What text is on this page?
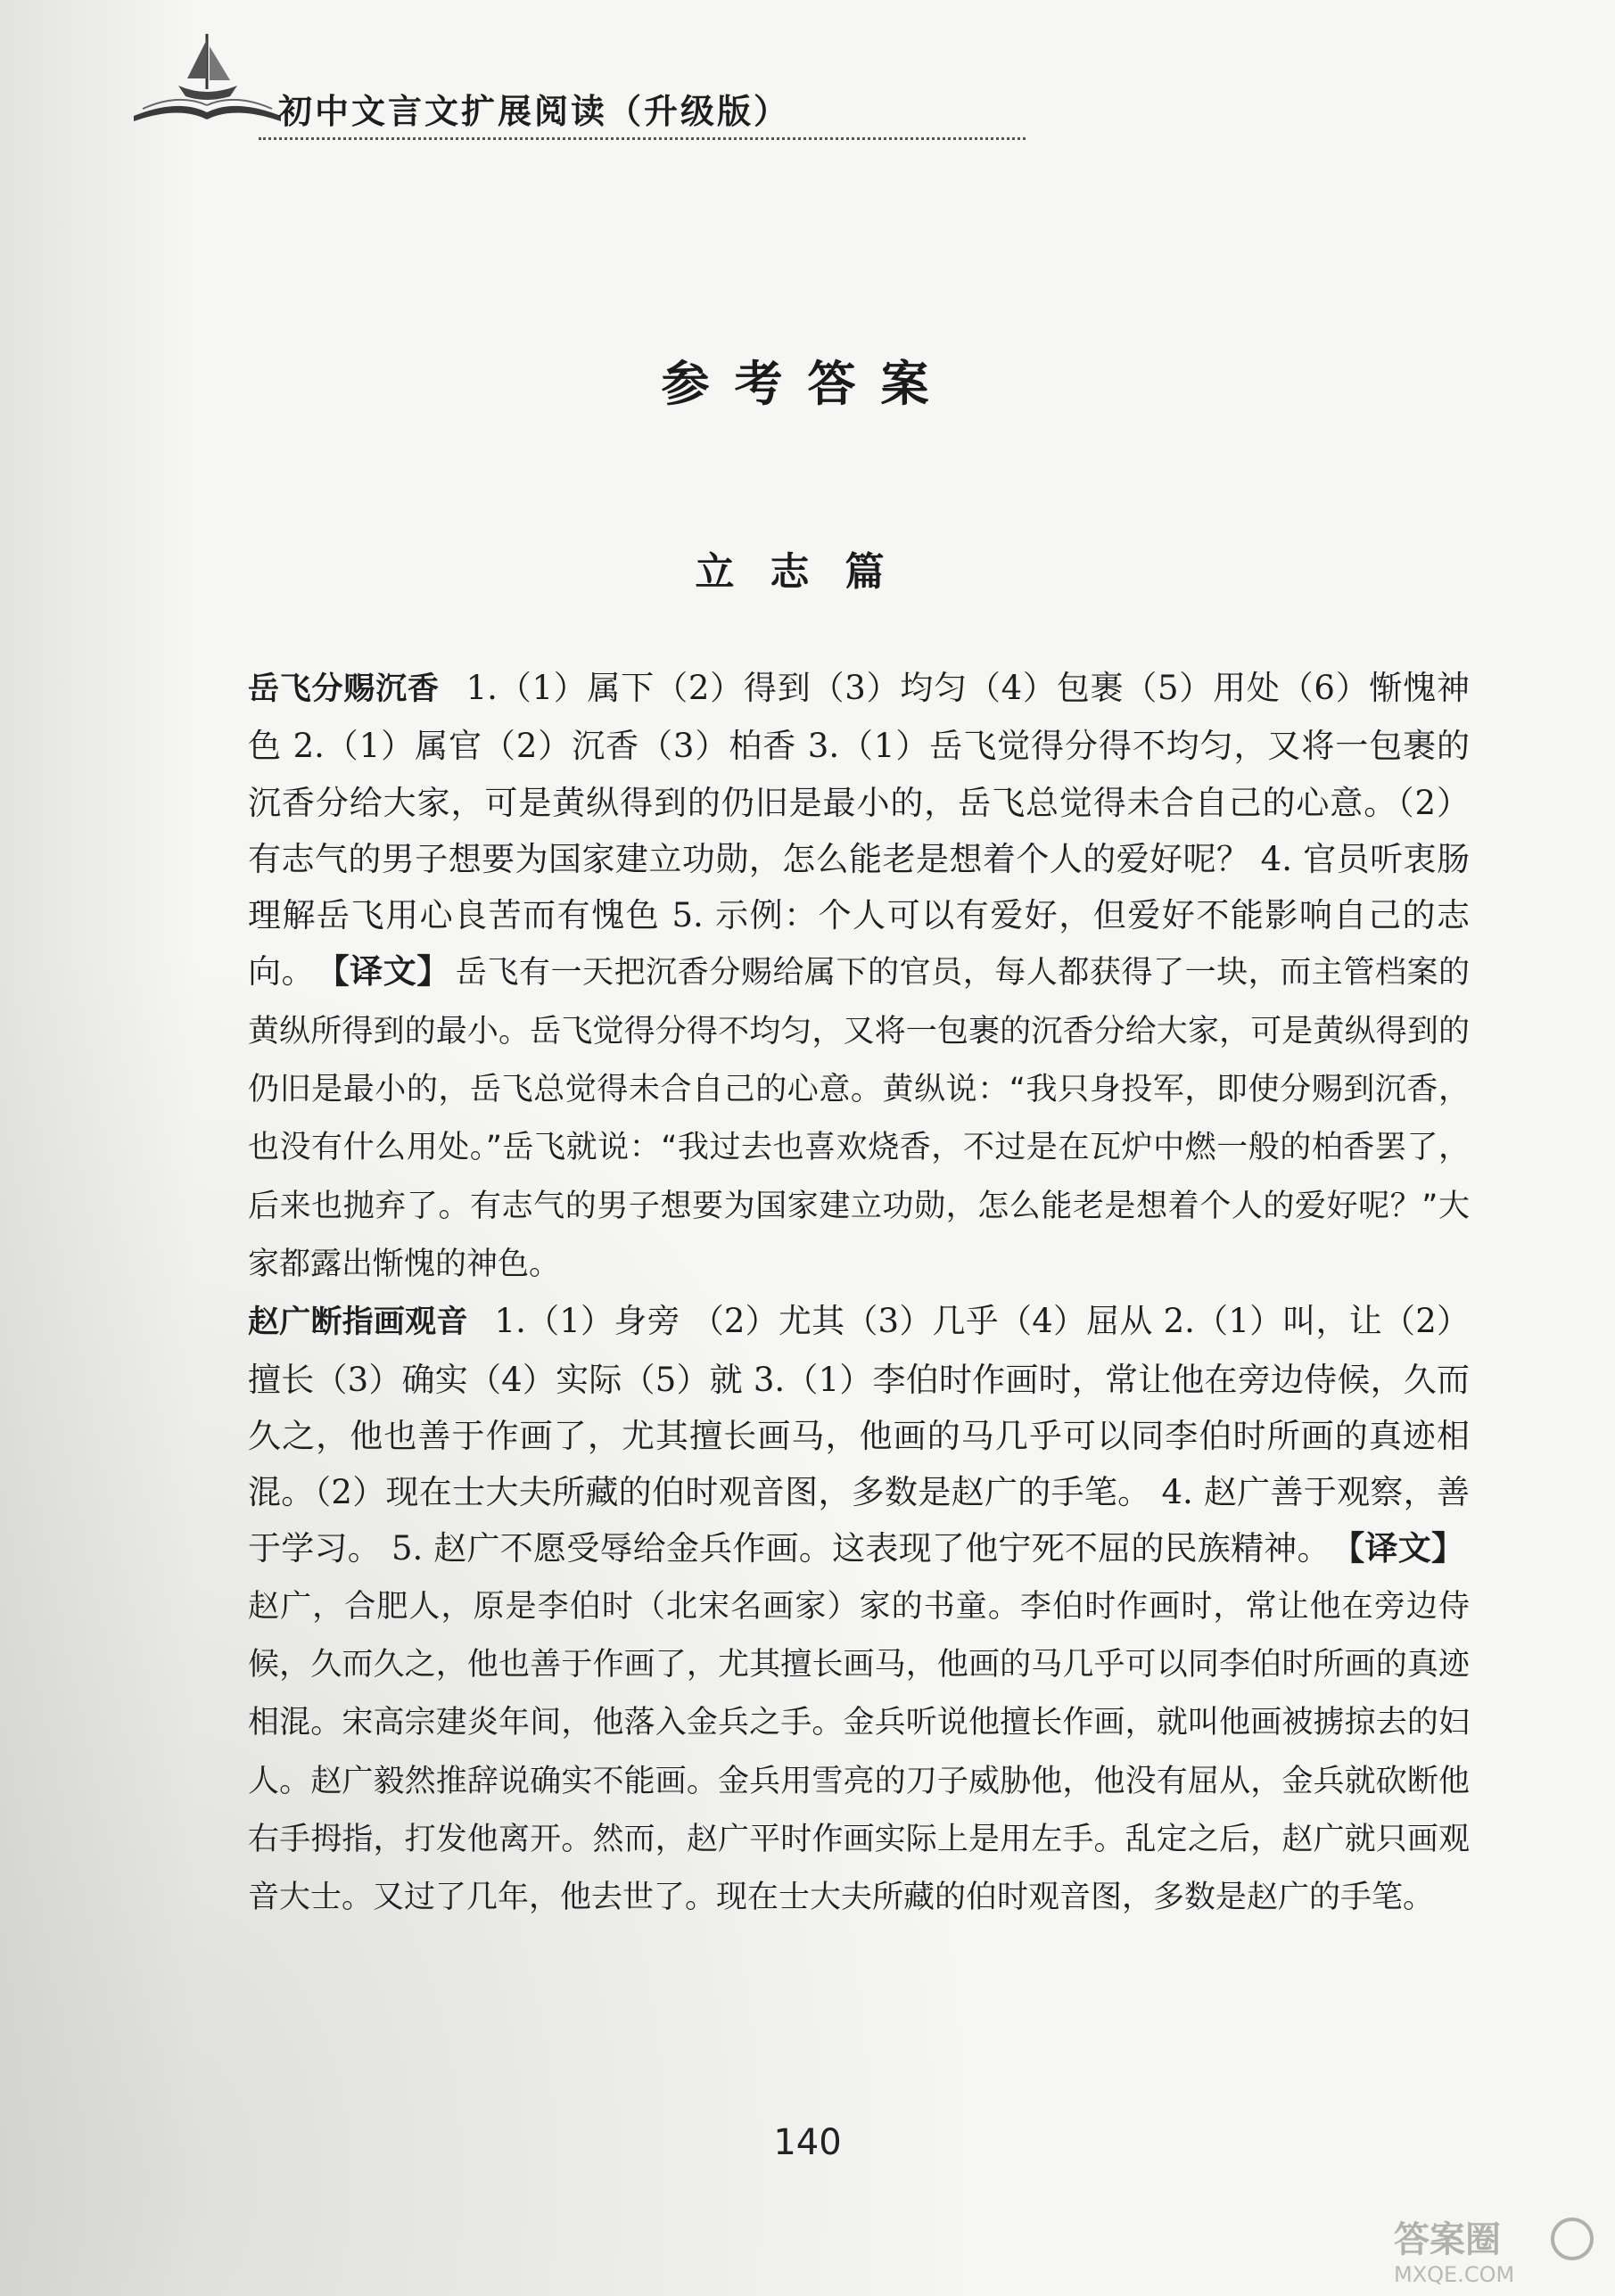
初中文言文扩展阅读（升级版）
参考答案
立志篇

岳飞分赐沉香 1.（1）属下（2）得到（3）均匀（4）包裹（5）用处（6）惭愧神色 2.（1）属官（2）沉香（3）柏香 3.（1）岳飞觉得分得不均匀，又将一包裹的沉香分给大家，可是黄纵得到的仍旧是最小的，岳飞总觉得未合自己的心意。（2）有志气的男子想要为国家建立功勋，怎么能老是想着个人的爱好呢？ 4. 官员听衷肠理解岳飞用心良苦而有愧色 5. 示例：个人可以有爱好，但爱好不能影响自己的志向。 【译文】 岳飞有一天把沉香分赐给属下的官员，每人都获得了一块，而主管档案的黄纵所得到的最小。岳飞觉得分得不均匀，又将一包裹的沉香分给大家，可是黄纵得到的仍旧是最小的，岳飞总觉得未合自己的心意。黄纵说：“我只身投军，即使分赐到沉香，也没有什么用处。”岳飞就说：“我过去也喜欢烧香，不过是在瓦炉中燃一般的柏香罢了，后来也抛弃了。有志气的男子想要为国家建立功勋，怎么能老是想着个人的爱好呢？”大家都露出惭愧的神色。

赵广断指画观音 1.（1）身旁 （2）尤其（3）几乎（4）屈从 2.（1）叫，让（2）擅长（3）确实（4）实际（5）就 3.（1）李伯时作画时，常让他在旁边侍候，久而久之，他也善于作画了，尤其擅长画马，他画的马几乎可以同李伯时所画的真迹相混。（2）现在士大夫所藏的伯时观音图，多数是赵广的手笔。 4. 赵广善于观察，善于学习。 5. 赵广不愿受辱给金兵作画。这表现了他宁死不屈的民族精神。 【译文】赵广，合肥人，原是李伯时（北宋名画家）家的书童。李伯时作画时，常让他在旁边侍候，久而久之，他也善于作画了，尤其擅长画马，他画的马几乎可以同李伯时所画的真迹相混。宋高宗建炎年间，他落入金兵之手。金兵听说他擅长作画，就叫他画被掳掠去的妇人。赵广毅然推辞说确实不能画。金兵用雪亮的刀子威胁他，他没有屈从，金兵就砍断他右手拇指，打发他离开。然而，赵广平时作画实际上是用左手。乱定之后，赵广就只画观音大士。又过了几年，他去世了。现在士大夫所藏的伯时观音图，多数是赵广的手笔。

140
答案圈
MXQE.COM
